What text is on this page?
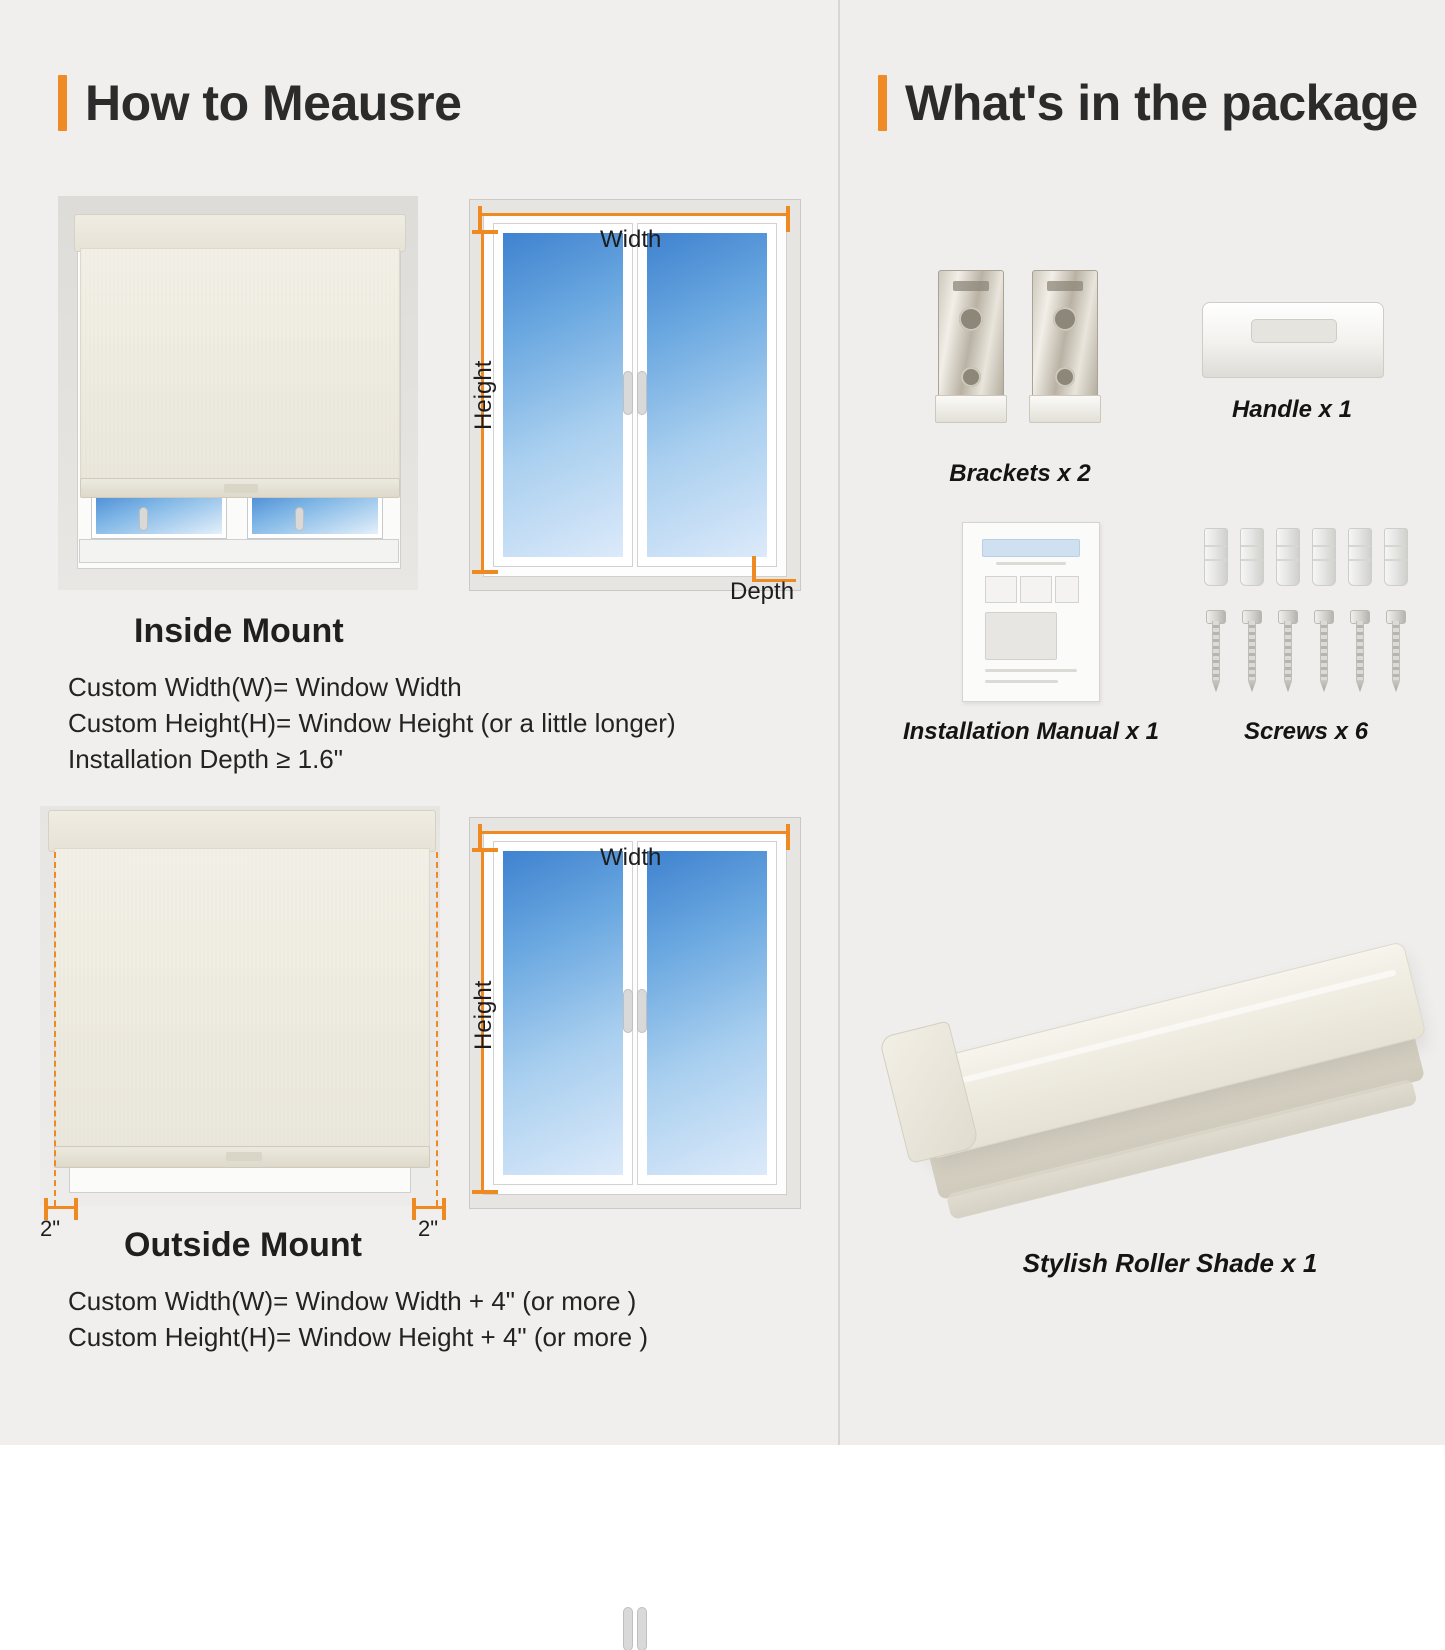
How to Meausre
Width
Height
Depth
Inside Mount
Custom Width(W)= Window Width
Custom Height(H)= Window Height (or a little longer)
Installation Depth ≥ 1.6"
2"	2"
Width
Height
Outside Mount
Custom Width(W)= Window Width + 4" (or more )
Custom Height(H)= Window Height + 4" (or more )
What's in the package
Brackets x 2
Handle x 1
Installation Manual x 1	Screws x 6
Stylish Roller Shade x 1
